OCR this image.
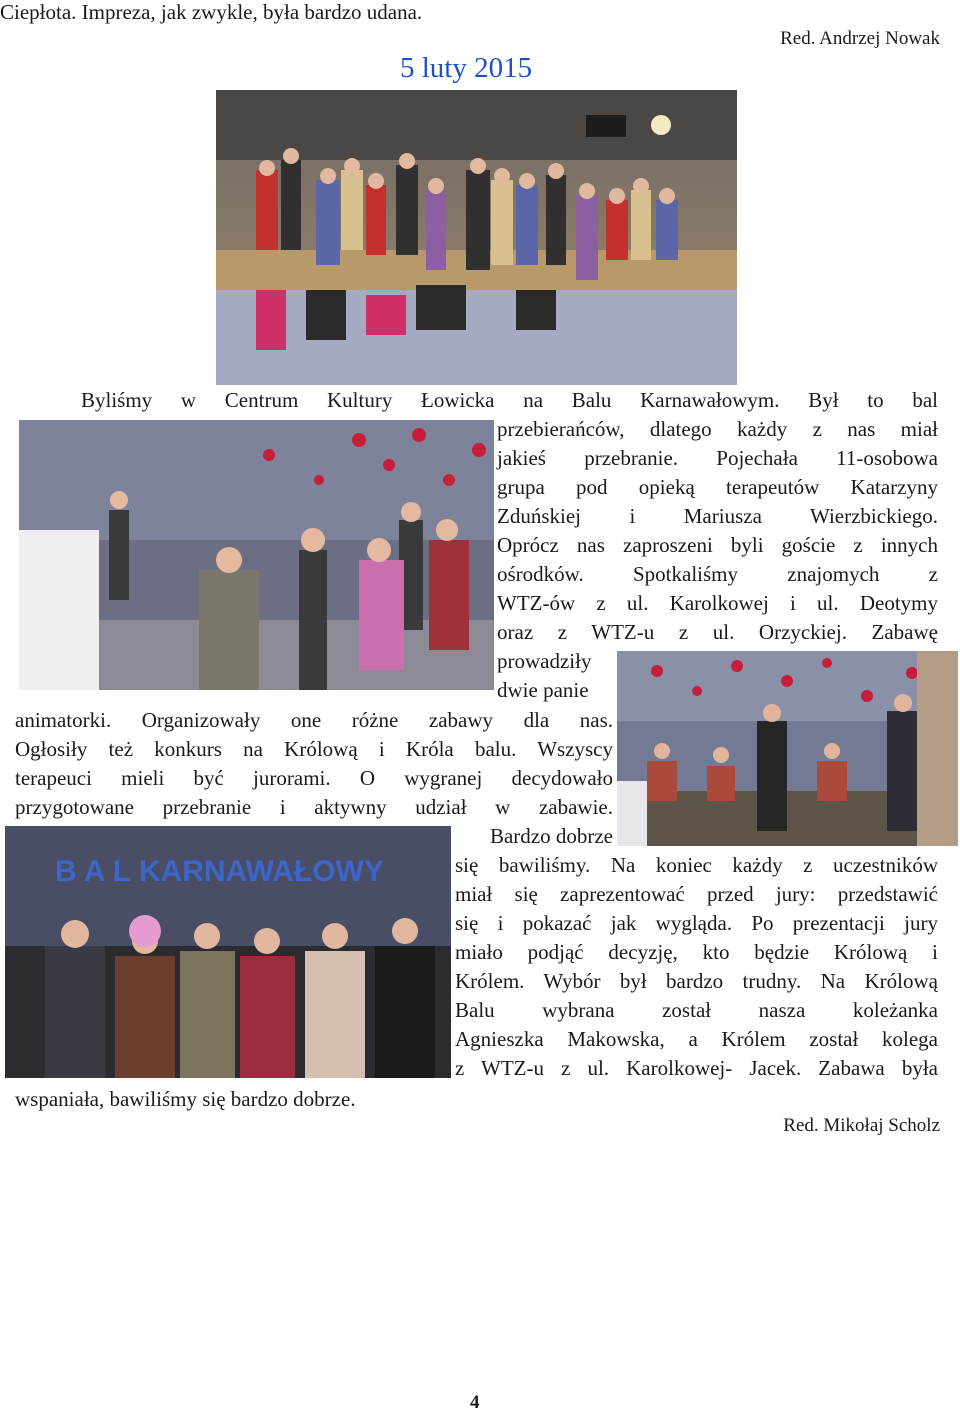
Ciepłota. Impreza, jak zwykle, była bardzo udana.
Red. Andrzej Nowak
5 luty 2015
Byliśmy w Centrum Kultury Łowicka na Balu Karnawałowym. Był to bal
przebierańców, dlatego każdy z nas miał
jakieś przebranie. Pojechała 11-osobowa
grupa pod opieką terapeutów Katarzyny
Zduńskiej i Mariusza Wierzbickiego.
Oprócz nas zaproszeni byli goście z innych
ośrodków. Spotkaliśmy znajomych z
WTZ-ów z ul. Karolkowej i ul. Deotymy
oraz z WTZ-u z ul. Orzyckiej. Zabawę
prowadziły
dwie panie
animatorki. Organizowały one różne zabawy dla nas.
Ogłosiły też konkurs na Królową i Króla balu. Wszyscy
terapeuci mieli być jurorami. O wygranej decydowało
przygotowane przebranie i aktywny udział w zabawie.
B A L KARNAWAŁOWY
Bardzo dobrze
się bawiliśmy. Na koniec każdy z uczestników
miał się zaprezentować przed jury: przedstawić
się i pokazać jak wygląda. Po prezentacji jury
miało podjąć decyzję, kto będzie Królową i
Królem. Wybór był bardzo trudny. Na Królową
Balu wybrana został nasza koleżanka
Agnieszka Makowska, a Królem został kolega
z WTZ-u z ul. Karolkowej- Jacek. Zabawa była
wspaniała, bawiliśmy się bardzo dobrze.
Red. Mikołaj Scholz
4
